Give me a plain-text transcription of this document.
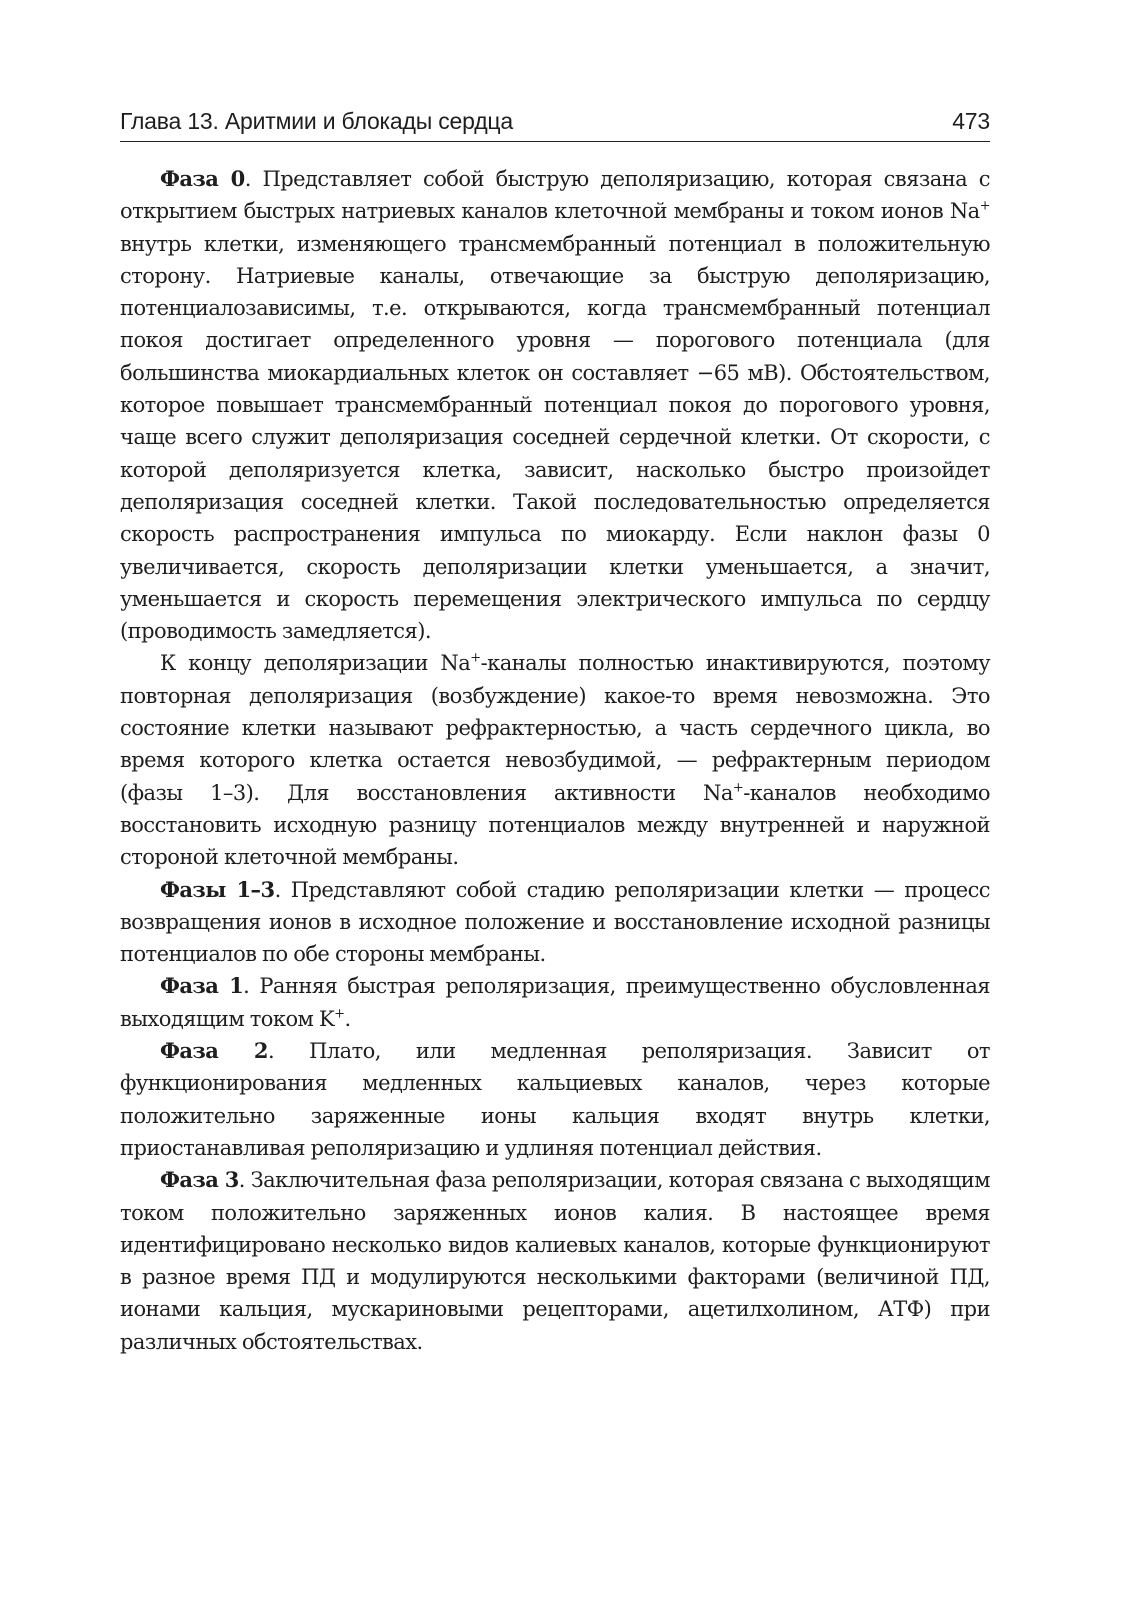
Глава 13. Аритмии и блокады сердца	473

Фаза 0. Представляет собой быструю деполяризацию, которая связана с открытием быстрых натриевых каналов клеточной мембраны и током ионов Na+ внутрь клетки, изменяющего трансмембранный потенциал в положительную сторону. Натриевые каналы, отвечающие за быструю деполяризацию, потенциалозависимы, т.е. открываются, когда трансмембранный потенциал покоя достигает определенного уровня — порогового потенциала (для большинства миокардиальных клеток он составляет −65 мВ). Обстоятельством, которое повышает трансмембранный потенциал покоя до порогового уровня, чаще всего служит деполяризация соседней сердечной клетки. От скорости, с которой деполяризуется клетка, зависит, насколько быстро произойдет деполяризация соседней клетки. Такой последовательностью определяется скорость распространения импульса по миокарду. Если наклон фазы 0 увеличивается, скорость деполяризации клетки уменьшается, а значит, уменьшается и скорость перемещения электрического импульса по сердцу (проводимость замедляется).

К концу деполяризации Na+-каналы полностью инактивируются, поэтому повторная деполяризация (возбуждение) какое-то время невозможна. Это состояние клетки называют рефрактерностью, а часть сердечного цикла, во время которого клетка остается невозбудимой, — рефрактерным периодом (фазы 1–3). Для восстановления активности Na+-каналов необходимо восстановить исходную разницу потенциалов между внутренней и наружной стороной клеточной мембраны.

Фазы 1–3. Представляют собой стадию реполяризации клетки — процесс возвращения ионов в исходное положение и восстановление исходной разницы потенциалов по обе стороны мембраны.

Фаза 1. Ранняя быстрая реполяризация, преимущественно обусловленная выходящим током K+.

Фаза 2. Плато, или медленная реполяризация. Зависит от функционирования медленных кальциевых каналов, через которые положительно заряженные ионы кальция входят внутрь клетки, приостанавливая реполяризацию и удлиняя потенциал действия.

Фаза 3. Заключительная фаза реполяризации, которая связана с выходящим током положительно заряженных ионов калия. В настоящее время идентифицировано несколько видов калиевых каналов, которые функционируют в разное время ПД и модулируются несколькими факторами (величиной ПД, ионами кальция, мускариновыми рецепторами, ацетилхолином, АТФ) при различных обстоятельствах.
